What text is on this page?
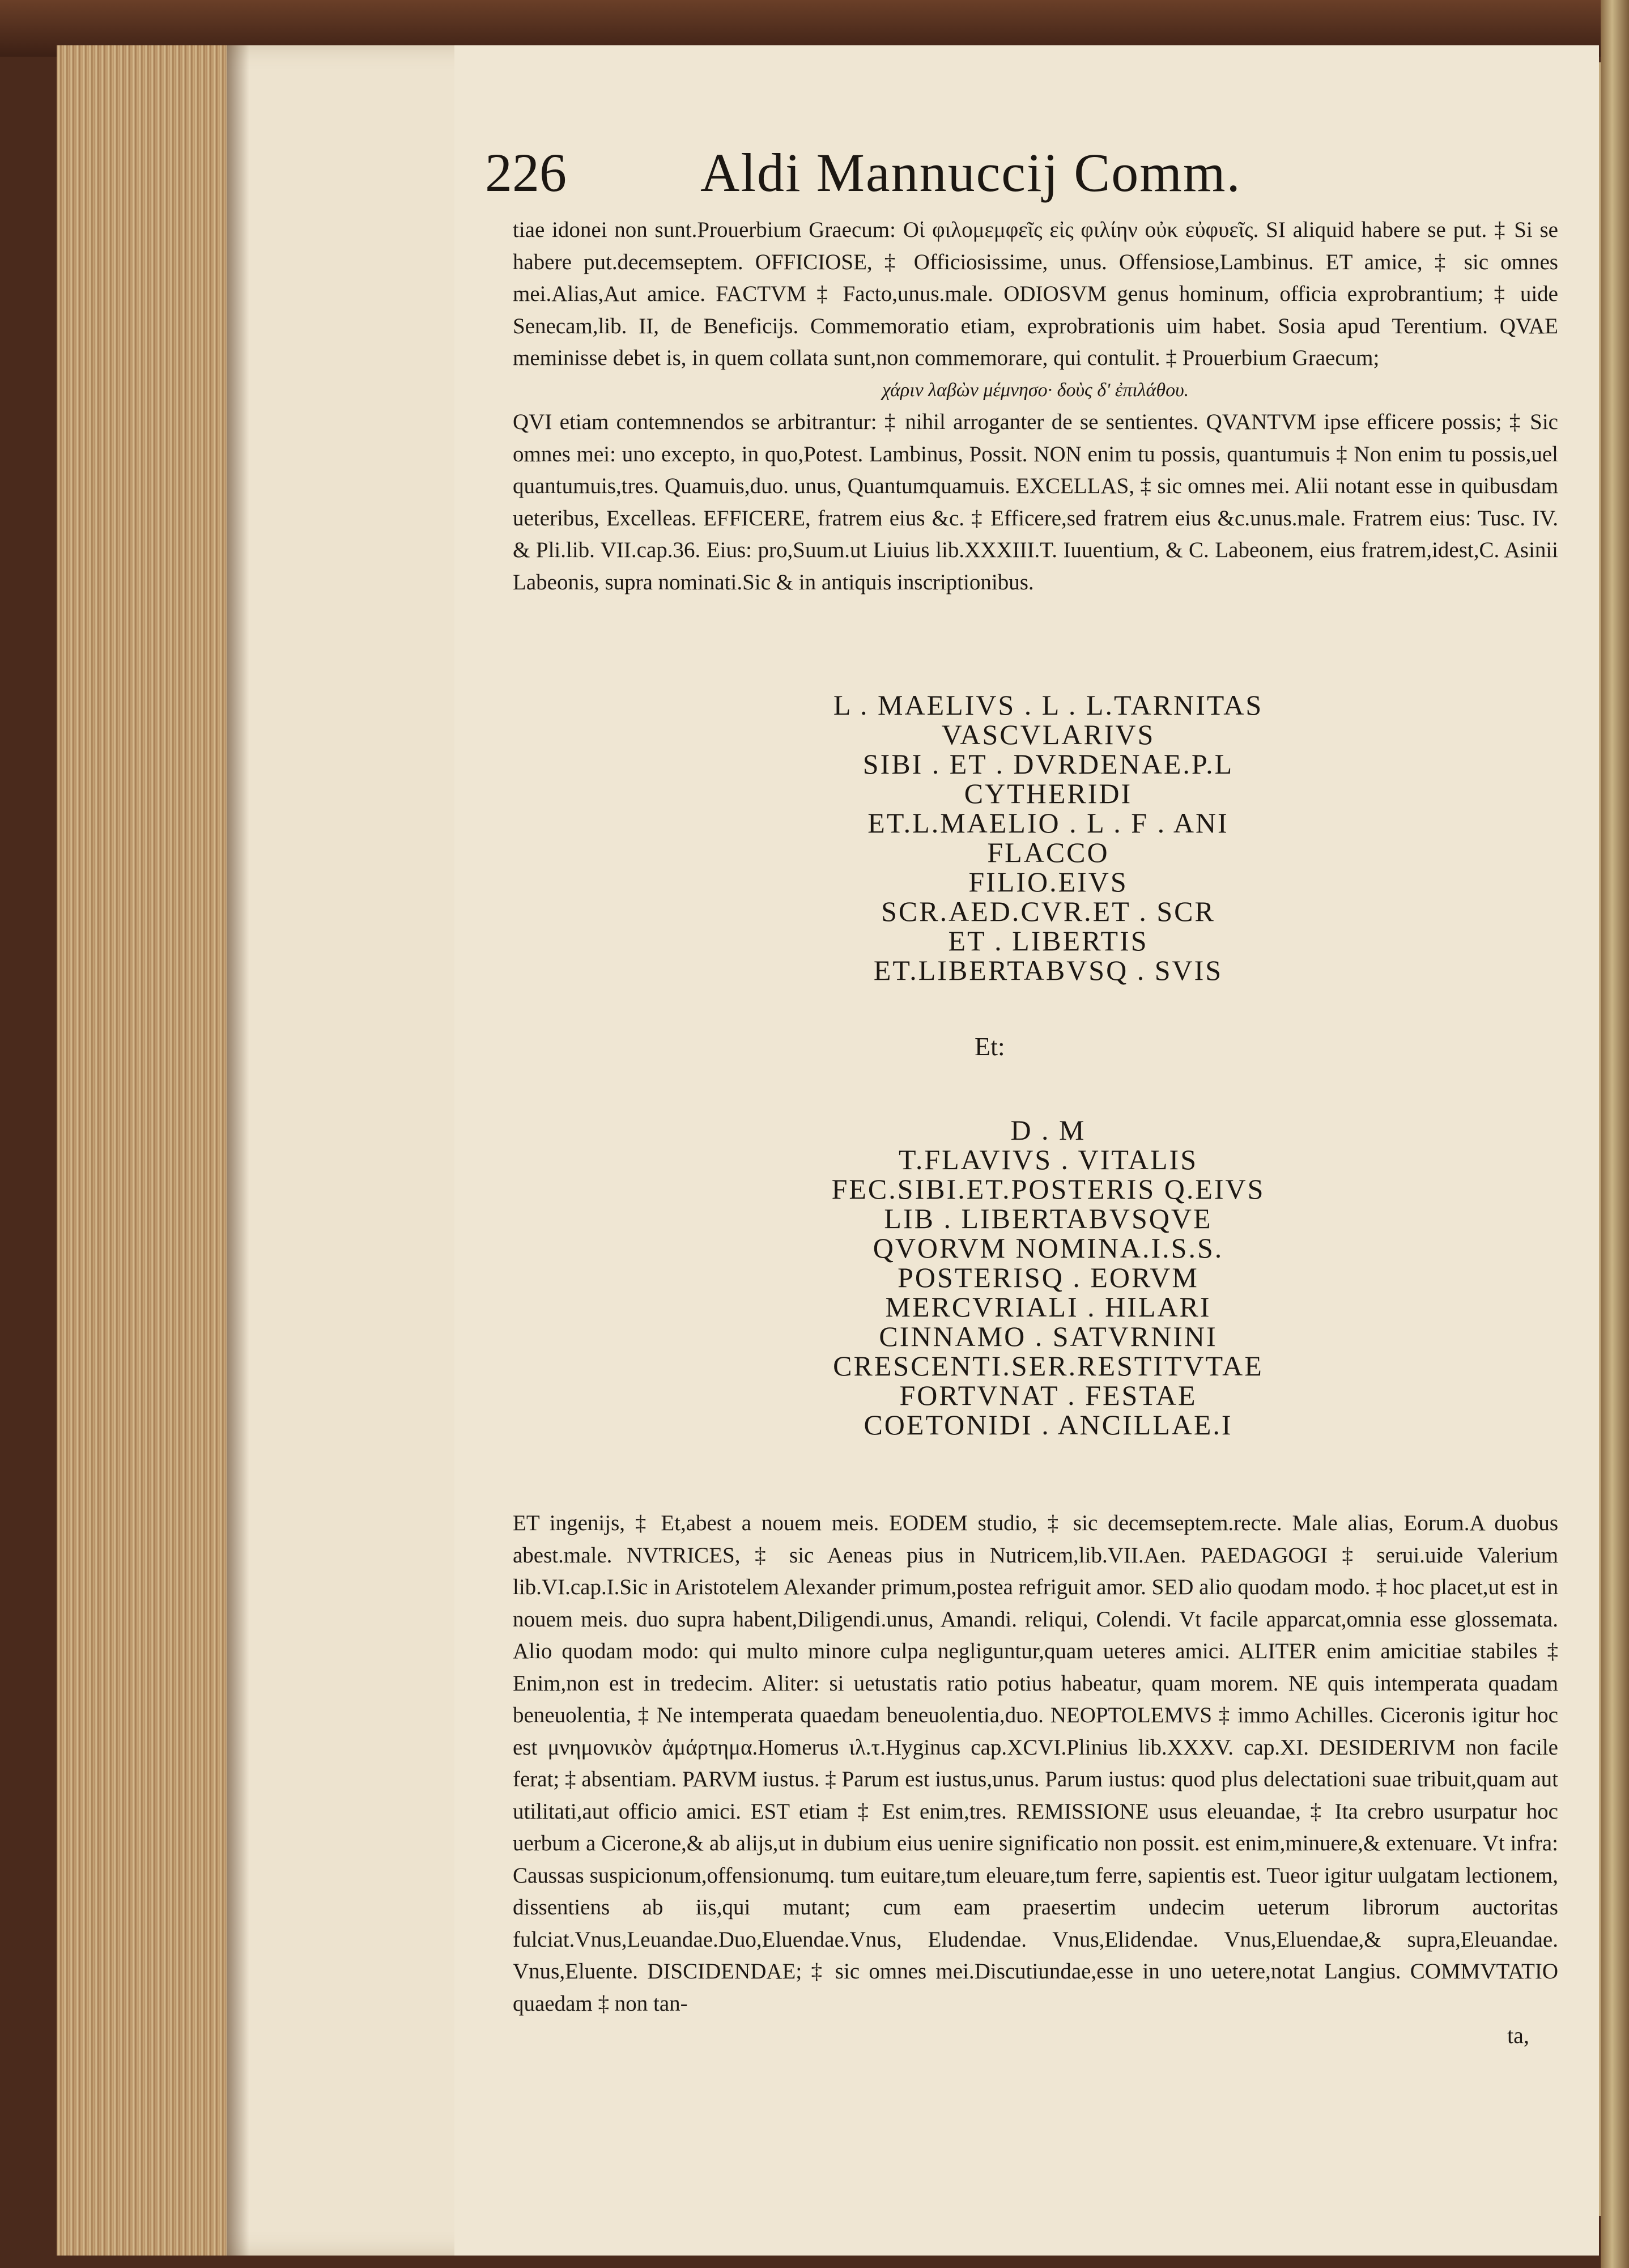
226 Aldi Mannuccij Comm.

tiae idonei non sunt.Prouerbium Graecum: Οἱ φιλομεμφεῖς εἰς φιλίην οὐκ εὐφυεῖς. SI aliquid habere se put. ‡ Si se habere put.decemseptem. OFFICIOSE, ‡ Officiosissime, unus. Offensiose,Lambinus. ET amice, ‡ sic omnes mei.Alias,Aut amice. FACTVM ‡ Facto,unus.male. ODIOSVM genus hominum, officia exprobrantium; ‡ uide Senecam,lib. II, de Beneficijs. Commemoratio etiam, exprobrationis uim habet. Sosia apud Terentium. QVAE meminisse debet is, in quem collata sunt,non commemorare, qui contulit. ‡ Prouerbium Graecum;

χάριν λαβὼν μέμνησο· δοὺς δ' ἐπιλάθου.

QVI etiam contemnendos se arbitrantur: ‡ nihil arroganter de se sentientes. QVANTVM ipse efficere possis; ‡ Sic omnes mei: uno excepto, in quo,Potest. Lambinus, Possit. NON enim tu possis, quantumuis ‡ Non enim tu possis,uel quantumuis,tres. Quamuis,duo. unus, Quantumquamuis. EXCELLAS, ‡ sic omnes mei. Alii notant esse in quibusdam ueteribus, Excelleas. EFFICERE, fratrem eius &c. ‡ Efficere,sed fratrem eius &c.unus.male. Fratrem eius: Tusc. IV. & Pli.lib. VII.cap.36. Eius: pro,Suum.ut Liuius lib.XXXIII.T. Iuuentium, & C. Labeonem, eius fratrem,idest,C. Asinii Labeonis, supra nominati.Sic & in antiquis inscriptionibus.

L . MAELIVS . L . L.TARNITAS
VASCVLARIVS
SIBI . ET . DVRDENAE.P.L
CYTHERIDI
ET.L.MAELIO . L . F . ANI
FLACCO
FILIO.EIVS
SCR.AED.CVR.ET . SCR
ET . LIBERTIS
ET.LIBERTABVSQ . SVIS
Et:
D . M
T.FLAVIVS . VITALIS
FEC.SIBI.ET.POSTERIS Q.EIVS
LIB . LIBERTABVSQVE
QVORVM NOMINA.I.S.S.
POSTERISQ . EORVM
MERCVRIALI . HILARI
CINNAMO . SATVRNINI
CRESCENTI.SER.RESTITVTAE
FORTVNAT . FESTAE
COETONIDI . ANCILLAE.I

ET ingenijs, ‡ Et,abest a nouem meis. EODEM studio, ‡ sic decemseptem.recte. Male alias, Eorum.A duobus abest.male. NVTRICES, ‡ sic Aeneas pius in Nutricem,lib.VII.Aen. PAEDAGOGI ‡ serui.uide Valerium lib.VI.cap.I.Sic in Aristotelem Alexander primum,postea refriguit amor. SED alio quodam modo. ‡ hoc placet,ut est in nouem meis. duo supra habent,Diligendi.unus, Amandi. reliqui, Colendi. Vt facile apparcat,omnia esse glossemata. Alio quodam modo: qui multo minore culpa negliguntur,quam ueteres amici. ALITER enim amicitiae stabiles ‡ Enim,non est in tredecim. Aliter: si uetustatis ratio potius habeatur, quam morem. NE quis intemperata quadam beneuolentia, ‡ Ne intemperata quaedam beneuolentia,duo. NEOPTOLEMVS ‡ immo Achilles. Ciceronis igitur hoc est μνημονικὸν ἁμάρτημα.Homerus ιλ.τ.Hyginus cap.XCVI.Plinius lib.XXXV. cap.XI. DESIDERIVM non facile ferat; ‡ absentiam. PARVM iustus. ‡ Parum est iustus,unus. Parum iustus: quod plus delectationi suae tribuit,quam aut utilitati,aut officio amici. EST etiam ‡ Est enim,tres. REMISSIONE usus eleuandae, ‡ Ita crebro usurpatur hoc uerbum a Cicerone,& ab alijs,ut in dubium eius uenire significatio non possit. est enim,minuere,& extenuare. Vt infra: Caussas suspicionum,offensionumq. tum euitare,tum eleuare,tum ferre, sapientis est. Tueor igitur uulgatam lectionem, dissentiens ab iis,qui mutant; cum eam praesertim undecim ueterum librorum auctoritas fulciat.Vnus,Leuandae.Duo,Eluendae.Vnus, Eludendae. Vnus,Elidendae. Vnus,Eluendae,& supra,Eleuandae. Vnus,Eluente. DISCIDENDAE; ‡ sic omnes mei.Discutiundae,esse in uno uetere,notat Langius. COMMVTATIO quaedam ‡ non tan-

ta,
